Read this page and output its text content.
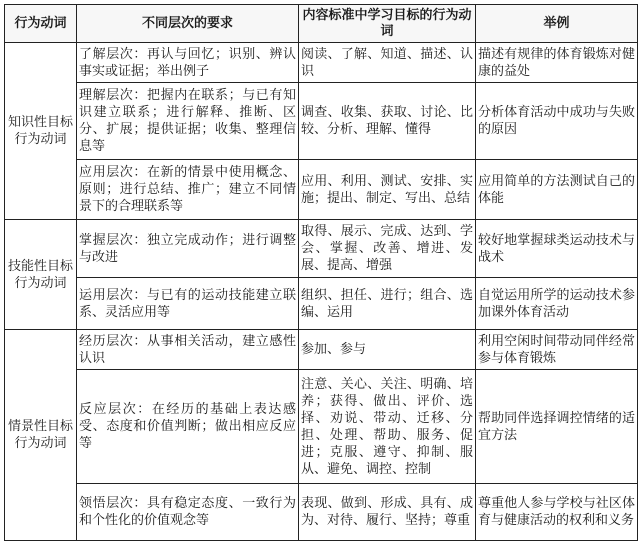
行为动词	不同层次的要求	内容标准中学习目标的行为动词	举例
知识性目标行为动词	了解层次：再认与回忆；识别、辨认事实或证据；举出例子	阅读、了解、知道、描述、认识	描述有规律的体育锻炼对健康的益处
	理解层次：把握内在联系；与已有知识建立联系；进行解释、推断、区分、扩展；提供证据；收集、整理信息等	调查、收集、获取、讨论、比较、分析、理解、懂得	分析体育活动中成功与失败的原因
	应用层次：在新的情景中使用概念、原则；进行总结、推广；建立不同情景下的合理联系等	应用、利用、测试、安排、实施；提出、制定、写出、总结	应用简单的方法测试自己的体能
技能性目标行为动词	掌握层次：独立完成动作；进行调整与改进	取得、展示、完成、达到、学会、掌握、改善、增进、发展、提高、增强	较好地掌握球类运动技术与战术
	运用层次：与已有的运动技能建立联系、灵活应用等	组织、担任、进行；组合、选编、运用	自觉运用所学的运动技术参加课外体育活动
情景性目标行为动词	经历层次：从事相关活动，建立感性认识	参加、参与	利用空闲时间带动同伴经常参与体育锻炼
	反应层次：在经历的基础上表达感受、态度和价值判断；做出相应反应等	注意、关心、关注、明确、培养；获得、做出、评价、选择、劝说、带动、迁移、分担、处理、帮助、服务、促进；克服、遵守、抑制、服从、避免、调控、控制	帮助同伴选择调控情绪的适宜方法
	领悟层次：具有稳定态度、一致行为和个性化的价值观念等	表现、做到、形成、具有、成为、对待、履行、坚持；尊重	尊重他人参与学校与社区体育与健康活动的权利和义务
